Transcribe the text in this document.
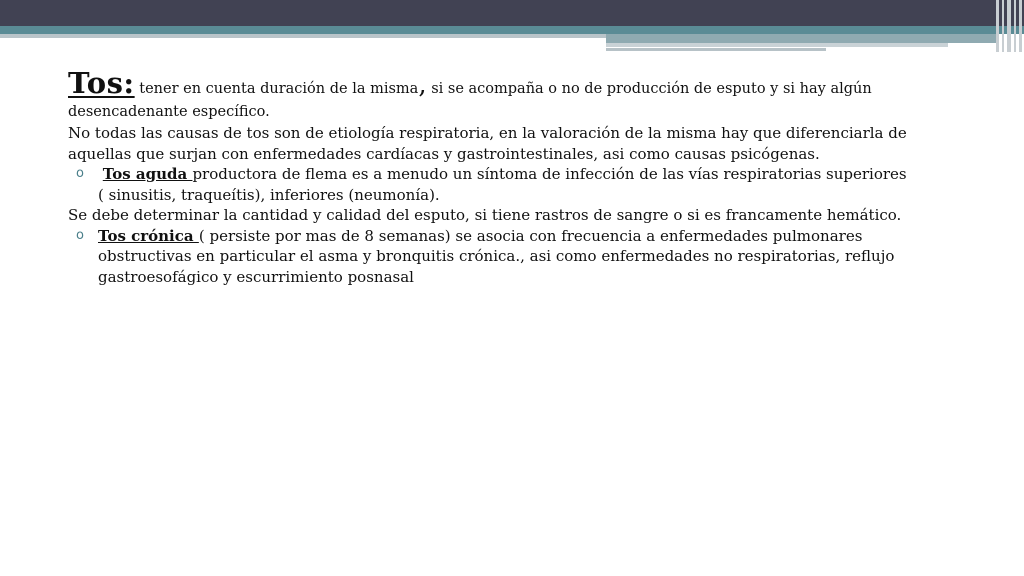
Tos: tener en cuenta duración de la misma, si se acompaña o no de producción de esputo y si hay algún desencadenante específico.

No todas las causas de tos son de etiología respiratoria, en la valoración de la misma hay que diferenciarla de aquellas que surjan con enfermedades cardíacas y gastrointestinales, asi como causas psicógenas.

o Tos aguda productora de flema es a menudo un síntoma de infección de las vías respiratorias superiores ( sinusitis, traqueítis), inferiores (neumonía).

Se debe determinar la cantidad y calidad del esputo, si tiene rastros de sangre o si es francamente hemático.

o Tos crónica ( persiste por mas de 8 semanas) se asocia con frecuencia a enfermedades pulmonares obstructivas en particular el asma y bronquitis crónica., asi como enfermedades no respiratorias, reflujo gastroesofágico y escurrimiento posnasal
